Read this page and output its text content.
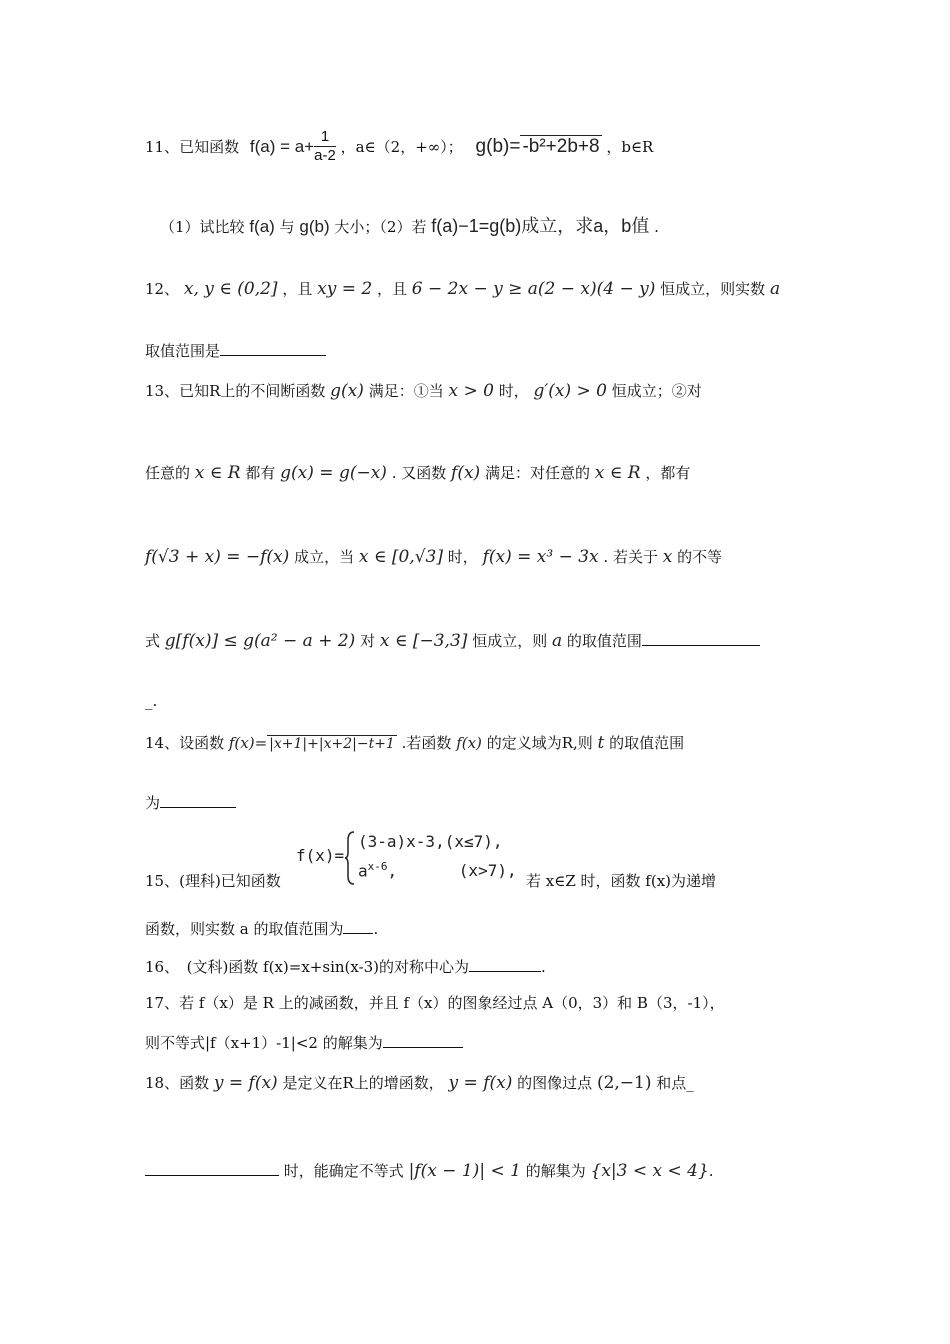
11、已知函数 $f(a) = a+ \frac{1}{a-2}$ ，a∈（2，+∞）； g(b)= -b²+2b+8 ，b∈R
（1）试比较 f(a) 与 g(b) 大小；（2）若 f(a)−1=g(b)成立，求a，b值 .
12、 x, y ∈ (0,2] ，且 xy = 2 ，且 6 − 2x − y ≥ a(2 − x)(4 − y) 恒成立，则实数 a
取值范围是
13、已知R上的不间断函数 g(x) 满足：①当 x > 0 时， g′(x) > 0 恒成立；②对
任意的 x ∈ R 都有 g(x) = g(−x) . 又函数 f(x) 满足：对任意的 x ∈ R ，都有
f(√3 + x) = −f(x) 成立，当 x ∈ [0,√3] 时， f(x) = x³ − 3x . 若关于 x 的不等
式 g[f(x)] ≤ g(a² − a + 2) 对 x ∈ [−3,3] 恒成立，则 a 的取值范围
_.
14、设函数 f(x)= |x+1|+|x+2|−t+1 .若函数 f(x) 的定义域为R,则 t 的取值范围
为
f(x)=
(3-a)x-3,(x≤7),
$a^{x-6}$,	(x>7),
15、(理科)已知函数	若 x∈Z 时，函数 f(x)为递增
函数，则实数 a 的取值范围为 .
16、　(文科)函数 f(x)=x+sin(x-3)的对称中心为	.
17、若 f（x）是 R 上的减函数，并且 f（x）的图象经过点 A（0，3）和 B（3，-1），
则不等式|f（x+1）-1|<2 的解集为
18、函数 y = f(x) 是定义在R上的增函数， y = f(x) 的图像过点 (2,−1) 和点_
时，能确定不等式 |f(x − 1)| < 1 的解集为 {x|3 < x < 4}.
